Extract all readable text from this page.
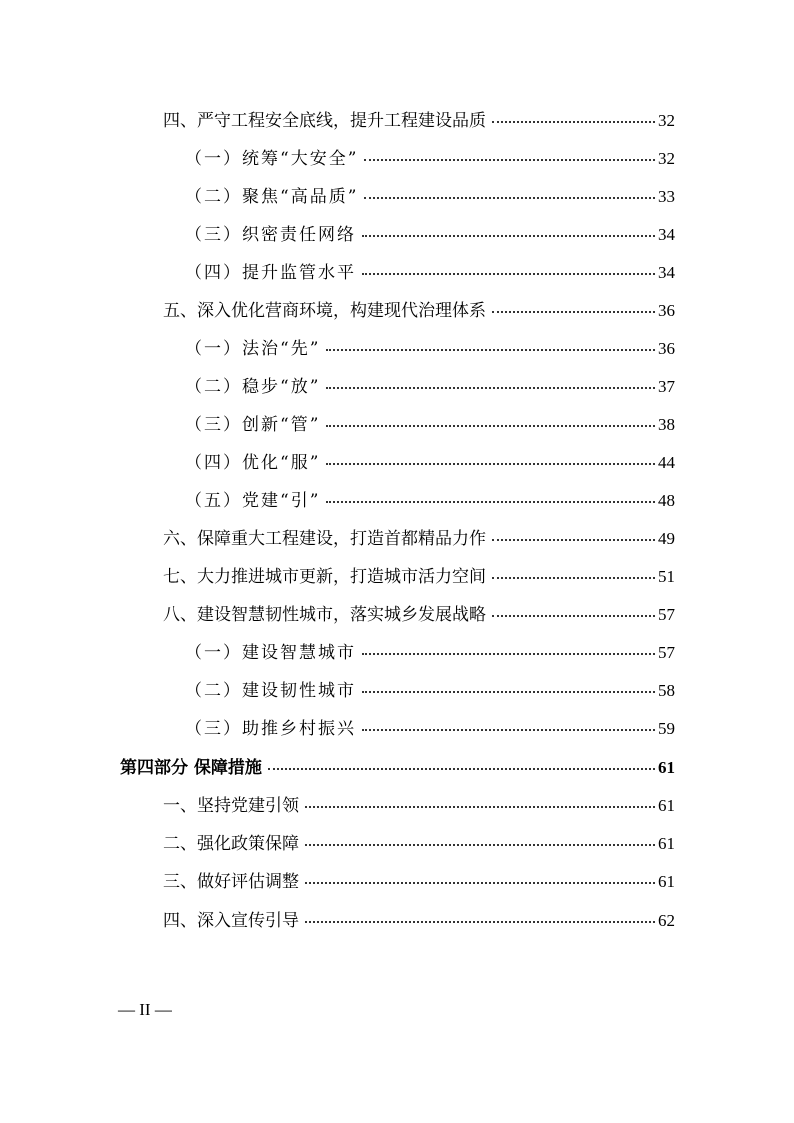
四、严守工程安全底线，提升工程建设品质	32
（一）统筹“大安全”	32
（二）聚焦“高品质”	33
（三）织密责任网络	34
（四）提升监管水平	34
五、深入优化营商环境，构建现代治理体系	36
（一）法治“先”	36
（二）稳步“放”	37
（三）创新“管”	38
（四）优化“服”	44
（五）党建“引”	48
六、保障重大工程建设，打造首都精品力作	49
七、大力推进城市更新，打造城市活力空间	51
八、建设智慧韧性城市，落实城乡发展战略	57
（一）建设智慧城市	57
（二）建设韧性城市	58
（三）助推乡村振兴	59
第四部分 保障措施	61
一、坚持党建引领	61
二、强化政策保障	61
三、做好评估调整	61
四、深入宣传引导	62
— II —
